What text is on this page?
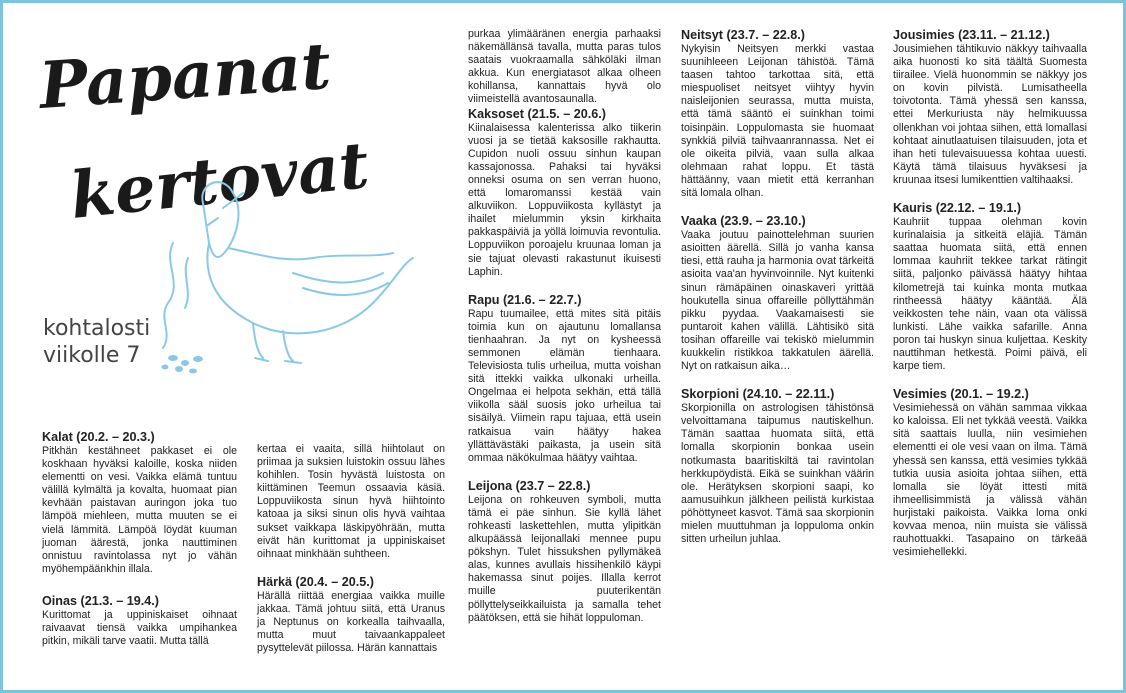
Papanat
kertovat
kohtalosti
viikolle 7
Kalat (20.2. – 20.3.)

Pitkhän kestähneet pakkaset ei ole koskhaan hyväksi kaloille, koska niiden elementti on vesi. Vaikka elämä tuntuu välillä kylmältä ja kovalta, huomaat pian kevhään paistavan auringon joka tuo lämpöä miehleen, mutta muuten se ei vielä lämmitä. Lämpöä löydät kuuman juoman äärestä, jonka nauttiminen onnistuu ravintolassa nyt jo vähän myöhempäänkhin illala.

Oinas (21.3. – 19.4.)

Kurittomat ja uppiniskaiset oihnaat raivaavat tiensä vaikka umpihankea pitkin, mikäli tarve vaatii. Mutta tällä

kertaa ei vaaita, sillä hiihtolaut on priimaa ja suksien luistokin ossuu lähes kohihlen. Tosin hyvästä luistosta on kiittäminen Teemun ossaavia käsiä. Loppuviikosta sinun hyvä hiihtointo katoaa ja siksi sinun olis hyvä vaihtaa sukset vaikkapa läskipyöhrään, mutta eivät hän kurittomat ja uppiniskaiset oihnaat minkhään suhtheen.

Härkä (20.4. – 20.5.)

Härällä riittää energiaa vaikka muille jakkaa. Tämä johtuu siitä, että Uranus ja Neptunus on korkealla taihvaalla, mutta muut taivaankappaleet pysyttelevät piilossa. Härän kannattais

purkaa ylimääränen energia parhaaksi näkemällänsä tavalla, mutta paras tulos saatais vuokraamalla sähköläki ilman akkua. Kun energiatasot alkaa olheen kohillansa, kannattais hyvä olo viimeistellä avantosaunalla.

Kaksoset (21.5. – 20.6.)

Kiinalaisessa kalenterissa alko tiikerin vuosi ja se tietää kaksosille rakhautta. Cupidon nuoli ossuu sinhun kaupan kassajonossa. Pahaksi tai hyväksi onneksi osuma on sen verran huono, että lomaromanssi kestää vain alkuviikon. Loppuviikosta kyllästyt ja ihailet mielummin yksin kirkhaita pakkaspäiviä ja yöllä loimuvia revontulia. Loppuviikon poroajelu kruunaa loman ja sie tajuat olevasti rakastunut ikuisesti Laphin.

Rapu (21.6. – 22.7.)

Rapu tuumailee, että mites sitä pitäis toimia kun on ajautunu lomallansa tienhaahran. Ja nyt on kysheessä semmonen elämän tienhaara. Televisiosta tulis urheilua, mutta voishan sitä ittekki vaikka ulkonaki urheilla. Ongelmaa ei helpota sekhän, että tällä viikolla sääl suosis joko urheilua tai sisäilyä. Viimein rapu tajuaa, että usein ratkaisua vain häätyy hakea yllättävästäki paikasta, ja usein sitä ommaa näkökulmaa häätyy vaihtaa.

Leijona (23.7 – 22.8.)

Leijona on rohkeuven symboli, mutta tämä ei päe sinhun. Sie kyllä lähet rohkeasti laskettehlen, mutta ylipitkän alkupäässä leijonallaki mennee pupu pökshyn. Tulet hissukshen pyllymäkeä alas, kunnes avullais hissihenkilö käypi hakemassa sinut poijes. Illalla kerrot muille puuterikentän pöllyttelyseikkailuista ja samalla tehet päätöksen, että sie hihät loppuloman.

Neitsyt (23.7. – 22.8.)

Nykyisin Neitsyen merkki vastaa suunihleeen Leijonan tähistöä. Tämä taasen tahtoo tarkottaa sitä, että miespuoliset neitsyet viihtyy hyvin naisleijonien seurassa, mutta muista, että tämä sääntö ei suinkhan toimi toisinpäin. Loppulomasta sie huomaat synkkiä pilviä taihvaanrannassa. Net ei ole oikeita pilviä, vaan sulla alkaa olehmaan rahat loppu. Et tästä hättäänny, vaan mietit että kerranhan sitä lomala olhan.

Vaaka (23.9. – 23.10.)

Vaaka joutuu painottelehman suurien asioitten äärellä. Sillä jo vanha kansa tiesi, että rauha ja harmonia ovat tärkeitä asioita vaa'an hyvinvoinnile. Nyt kuitenki sinun rämäpäinen oinaskaveri yrittää houkutella sinua offareille pöllyttähmän pikku pyydaa. Vaakamaisesti sie puntaroit kahen välillä. Lähtisikö sitä tosihan offareille vai tekiskö mielummin kuukkelin ristikkoa takkatulen äärellä. Nyt on ratkaisun aika…

Skorpioni (24.10. – 22.11.)

Skorpionilla on astrologisen tähistönsä velvoittamana taipumus nautiskelhun. Tämän saattaa huomata siitä, että lomalla skorpionin bonkaa usein notkumasta baaritiskiltä tai ravintolan herkkupöydistä. Eikä se suinkhan väärin ole. Herätyksen skorpioni saapi, ko aamusuihkun jälkheen peilistä kurkistaa pöhöttyneet kasvot. Tämä saa skorpionin mielen muuttuhman ja loppuloma onkin sitten urheilun juhlaa.

Jousimies (23.11. – 21.12.)

Jousimiehen tähtikuvio näkkyy taihvaalla aika huonosti ko sitä täältä Suomesta tiirailee. Vielä huonommin se näkkyy jos on kovin pilvistä. Lumisatheella toivotonta. Tämä yhessä sen kanssa, ettei Merkuriusta näy helmikuussa ollenkhan voi johtaa siihen, että lomallasi kohtaat ainutlaatuisen tilaisuuden, jota et ihan heti tulevaisuuessa kohtaa uuesti. Käytä tämä tilaisuus hyväksesi ja kruunaa itsesi lumikenttien valtihaaksi.

Kauris (22.12. – 19.1.)

Kauhriit tuppaa olehman kovin kurinalaisia ja sitkeitä eläjiä. Tämän saattaa huomata siitä, että ennen lommaa kauhriit tekkee tarkat rätingit siitä, paljonko päivässä häätyy hihtaa kilometrejä tai kuinka monta mutkaa rintheessä häätyy kääntää. Älä veikkosten tehe näin, vaan ota välissä lunkisti. Lähe vaikka safarille. Anna poron tai huskyn sinua kuljettaa. Keskity nauttihman hetkestä. Poimi päivä, eli karpe tiem.

Vesimies (20.1. – 19.2.)

Vesimiehessä on vähän sammaa vikkaa ko kaloissa. Eli net tykkää veestä. Vaikka sitä saattais luulla, niin vesimiehen elementti ei ole vesi vaan on ilma. Tämä yhessä sen kanssa, että vesimies tykkää tutkia uusia asioita johtaa siihen, että lomalla sie löyät ittesti mitä ihmeellisimmistä ja välissä vähän hurjistaki paikoista. Vaikka loma onki kovvaa menoa, niin muista sie välissä rauhottuakki. Tasapaino on tärkeää vesimiehellekki.
